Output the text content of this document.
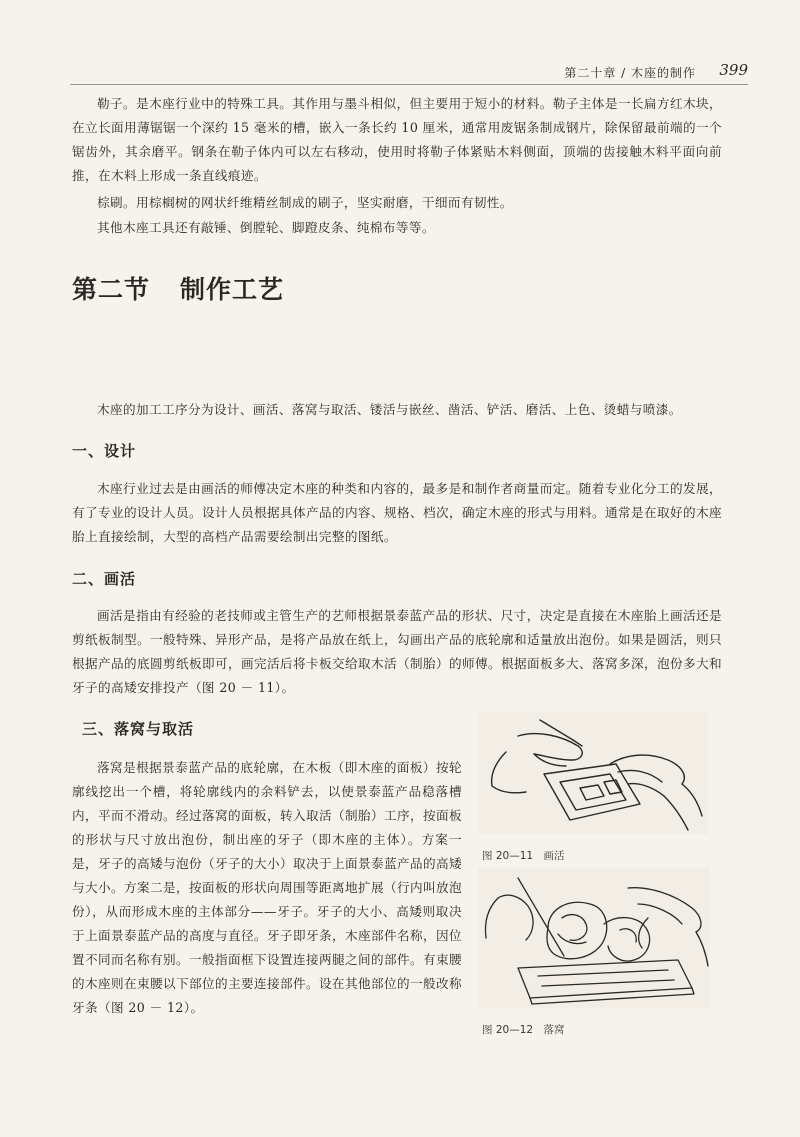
第二十章 / 木座的制作 399
勒子。是木座行业中的特殊工具。其作用与墨斗相似，但主要用于短小的材料。勒子主体是一长扁方红木块，在立长面用薄锯锯一个深约 15 毫米的槽，嵌入一条长约 10 厘米，通常用废锯条制成钢片，除保留最前端的一个锯齿外，其余磨平。钢条在勒子体内可以左右移动，使用时将勒子体紧贴木料侧面，顶端的齿接触木料平面向前推，在木料上形成一条直线痕迹。
棕刷。用棕榈树的网状纤维精丝制成的刷子，坚实耐磨，干细而有韧性。
其他木座工具还有敲锤、倒膛轮、脚蹬皮条、纯棉布等等。
第二节 制作工艺
木座的加工工序分为设计、画活、落窝与取活、镂活与嵌丝、凿活、铲活、磨活、上色、烫蜡与喷漆。
一、设计
木座行业过去是由画活的师傅决定木座的种类和内容的，最多是和制作者商量而定。随着专业化分工的发展，有了专业的设计人员。设计人员根据具体产品的内容、规格、档次，确定木座的形式与用料。通常是在取好的木座胎上直接绘制，大型的高档产品需要绘制出完整的图纸。
二、画活
画活是指由有经验的老技师或主管生产的艺师根据景泰蓝产品的形状、尺寸，决定是直接在木座胎上画活还是剪纸板制型。一般特殊、异形产品，是将产品放在纸上，勾画出产品的底轮廓和适量放出泡份。如果是圆活，则只根据产品的底圆剪纸板即可，画完活后将卡板交给取木活（制胎）的师傅。根据面板多大、落窝多深，泡份多大和牙子的高矮安排投产（图 20 － 11）。
三、落窝与取活
落窝是根据景泰蓝产品的底轮廓，在木板（即木座的面板）按轮廓线挖出一个槽，将轮廓线内的余料铲去，以使景泰蓝产品稳落槽内，平而不滑动。经过落窝的面板，转入取活（制胎）工序，按面板的形状与尺寸放出泡份，制出座的牙子（即木座的主体）。方案一是，牙子的高矮与泡份（牙子的大小）取决于上面景泰蓝产品的高矮与大小。方案二是，按面板的形状向周围等距离地扩展（行内叫放泡份），从而形成木座的主体部分——牙子。牙子的大小、高矮则取决于上面景泰蓝产品的高度与直径。牙子即牙条，木座部件名称，因位置不同而名称有别。一般指面框下设置连接两腿之间的部件。有束腰的木座则在束腰以下部位的主要连接部件。设在其他部位的一般改称牙条（图 20 － 12）。
图 20—11　画活
图 20—12　落窝
